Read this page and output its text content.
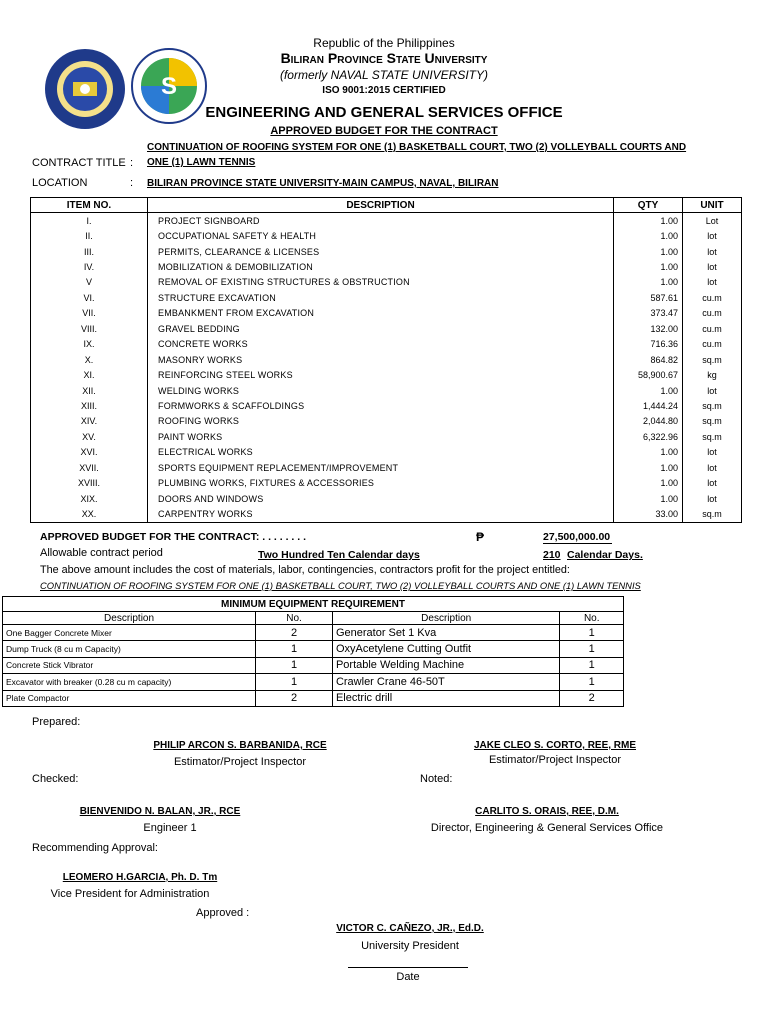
S
Republic of the Philippines
Biliran Province State University
(formerly NAVAL STATE UNIVERSITY)
ISO 9001:2015 CERTIFIED
ENGINEERING AND GENERAL SERVICES OFFICE
APPROVED BUDGET FOR THE CONTRACT
CONTRACT TITLE :
CONTINUATION OF ROOFING SYSTEM FOR ONE (1) BASKETBALL COURT, TWO (2) VOLLEYBALL COURTS AND
ONE (1) LAWN TENNIS
LOCATION	: BILIRAN PROVINCE STATE UNIVERSITY-MAIN CAMPUS, NAVAL, BILIRAN
ITEM NO.	DESCRIPTION	QTY	UNIT
I.	PROJECT SIGNBOARD	1.00	Lot
II.	OCCUPATIONAL SAFETY & HEALTH	1.00	lot
III.	PERMITS, CLEARANCE & LICENSES	1.00	lot
IV.	MOBILIZATION & DEMOBILIZATION	1.00	lot
V	REMOVAL OF EXISTING STRUCTURES & OBSTRUCTION	1.00	lot
VI.	STRUCTURE EXCAVATION	587.61	cu.m
VII.	EMBANKMENT FROM EXCAVATION	373.47	cu.m
VIII.	GRAVEL BEDDING	132.00	cu.m
IX.	CONCRETE WORKS	716.36	cu.m
X.	MASONRY WORKS	864.82	sq.m
XI.	REINFORCING STEEL WORKS	58,900.67	kg
XII.	WELDING WORKS	1.00	lot
XIII.	FORMWORKS & SCAFFOLDINGS	1,444.24	sq.m
XIV.	ROOFING WORKS	2,044.80	sq.m
XV.	PAINT WORKS	6,322.96	sq.m
XVI.	ELECTRICAL WORKS	1.00	lot
XVII.	SPORTS EQUIPMENT REPLACEMENT/IMPROVEMENT	1.00	lot
XVIII.	PLUMBING WORKS, FIXTURES & ACCESSORIES	1.00	lot
XIX.	DOORS AND WINDOWS	1.00	lot
XX.	CARPENTRY WORKS	33.00	sq.m
APPROVED BUDGET FOR THE CONTRACT: . . . . . . . .	₱	27,500,000.00
Allowable contract period	Two Hundred Ten Calendar days	210 Calendar Days.
The above amount includes the cost of materials, labor, contingencies, contractors profit for the project entitled:
CONTINUATION OF ROOFING SYSTEM FOR ONE (1) BASKETBALL COURT, TWO (2) VOLLEYBALL COURTS AND ONE (1) LAWN TENNIS
MINIMUM EQUIPMENT REQUIREMENT			
Description	No.	Description	No.
One Bagger Concrete Mixer	2	Generator Set 1 Kva	1
Dump Truck (8 cu m Capacity)	1	OxyAcetylene Cutting Outfit	1
Concrete Stick Vibrator	1	Portable Welding Machine	1
Excavator with breaker (0.28 cu m capacity)	1	Crawler Crane 46-50T	1
Plate Compactor	2	Electric drill	2
Prepared:
PHILIP ARCON S. BARBANIDA, RCE
Estimator/Project Inspector
JAKE CLEO S. CORTO, REE, RME
Estimator/Project Inspector
Checked:	Noted:
BIENVENIDO N. BALAN, JR., RCE
Engineer 1
CARLITO S. ORAIS, REE, D.M.
Director, Engineering & General Services Office
Recommending Approval:
LEOMERO H.GARCIA, Ph. D. Tm
Vice President for Administration
Approved :
VICTOR C. CAÑEZO, JR., Ed.D.
University President
Date
